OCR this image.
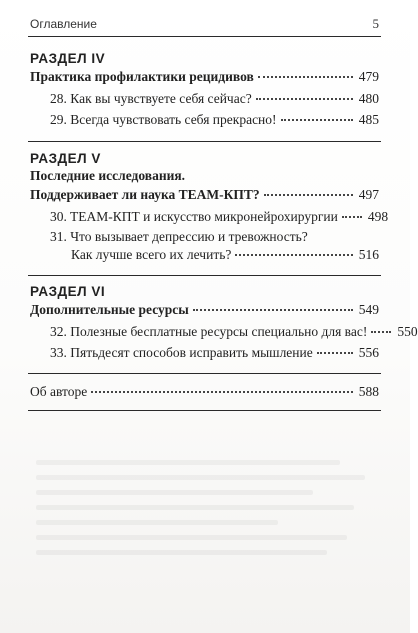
Оглавление	5
РАЗДЕЛ IV
Практика профилактики рецидивов	479
28. Как вы чувствуете себя сейчас?	480
29. Всегда чувствовать себя прекрасно!	485
РАЗДЕЛ V
Последние исследования.
Поддерживает ли наука TEAM-КПТ?	497
30. TEAM-КПТ и искусство микронейрохирургии 498
31. Что вызывает депрессию и тревожность?
Как лучше всего их лечить?	516
РАЗДЕЛ VI
Дополнительные ресурсы	549
32. Полезные бесплатные ресурсы специально для вас! 550
33. Пятьдесят способов исправить мышление	556
Об авторе	588
